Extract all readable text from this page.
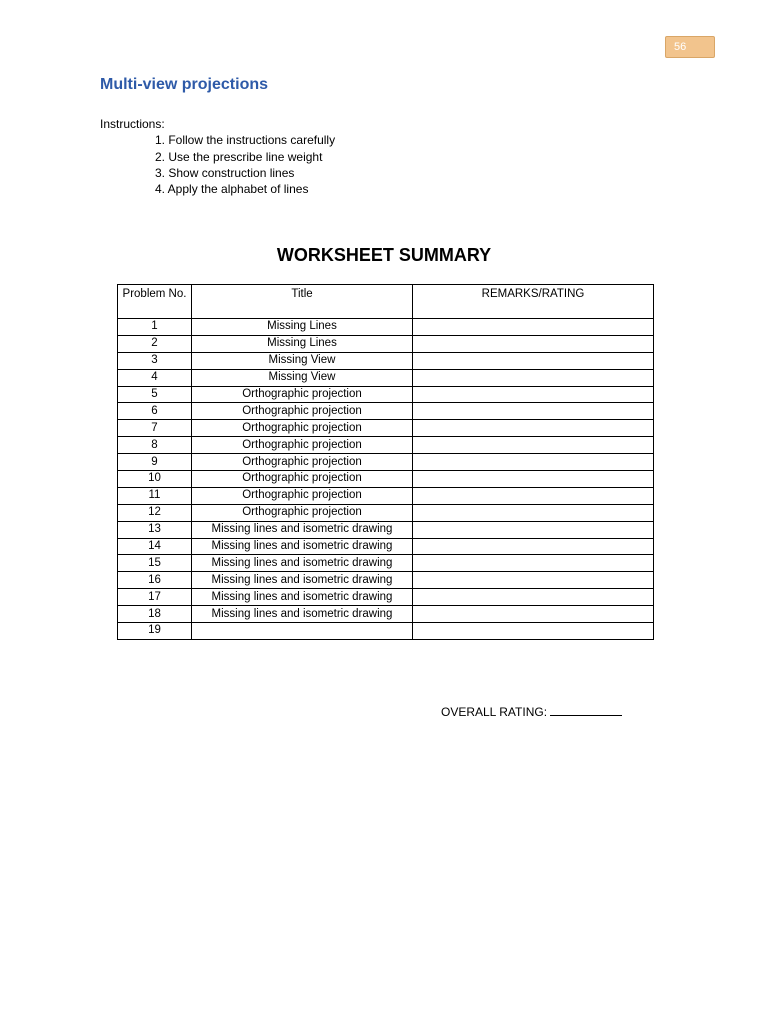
56
Multi-view projections
Instructions:
1. Follow the instructions carefully
2. Use the prescribe line weight
3. Show construction lines
4. Apply the alphabet of lines
WORKSHEET SUMMARY
Problem No.	Title	REMARKS/RATING
1	Missing Lines	
2	Missing Lines	
3	Missing View	
4	Missing View	
5	Orthographic projection	
6	Orthographic projection	
7	Orthographic projection	
8	Orthographic projection	
9	Orthographic projection	
10	Orthographic projection	
11	Orthographic projection	
12	Orthographic projection	
13	Missing lines and isometric drawing	
14	Missing lines and isometric drawing	
15	Missing lines and isometric drawing	
16	Missing lines and isometric drawing	
17	Missing lines and isometric drawing	
18	Missing lines and isometric drawing	
19		
OVERALL RATING:
